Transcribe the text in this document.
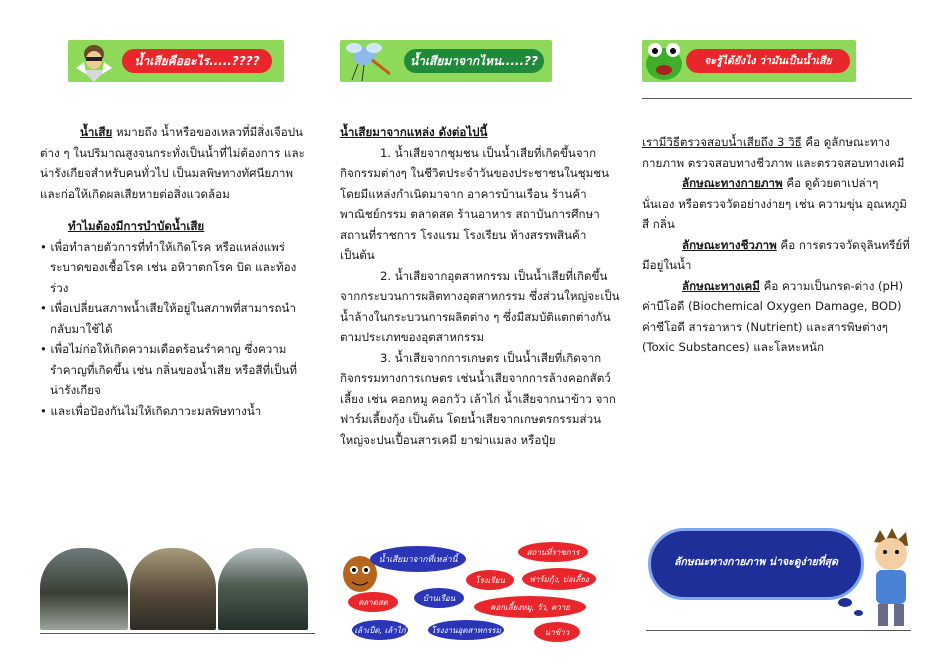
น้ำเสียคืออะไร.....????

น้ำเสีย หมายถึง น้ำหรือของเหลวที่มีสิ่งเจือปนต่าง ๆ ในปริมาณสูงจนกระทั่งเป็นน้ำที่ไม่ต้องการ และน่ารังเกียจสำหรับคนทั่วไป เป็นมลพิษทางทัศนียภาพและก่อให้เกิดผลเสียหายต่อสิ่งแวดล้อม

ทำไมต้องมีการบำบัดน้ำเสีย

• เพื่อทำลายตัวการที่ทำให้เกิดโรค หรือแหล่งแพร่ระบาดของเชื้อโรค เช่น อหิวาตกโรค บิด และท้องร่วง

• เพื่อเปลี่ยนสภาพน้ำเสียให้อยู่ในสภาพที่สามารถนำกลับมาใช้ได้

• เพื่อไม่ก่อให้เกิดความเดือดร้อนรำคาญ ซึ่งความรำคาญที่เกิดขึ้น เช่น กลิ่นของน้ำเสีย หรือสีที่เป็นที่น่ารังเกียจ

• และเพื่อป้องกันไม่ให้เกิดภาวะมลพิษทางน้ำ

น้ำเสียมาจากไหน.....??

น้ำเสียมาจากแหล่ง ดังต่อไปนี้

1. น้ำเสียจากชุมชน เป็นน้ำเสียที่เกิดขึ้นจากกิจกรรมต่างๆ ในชีวิตประจำวันของประชาชนในชุมชน โดยมีแหล่งกำเนิดมาจาก อาคารบ้านเรือน ร้านค้าพาณิชย์กรรม ตลาดสด ร้านอาหาร สถาบันการศึกษา สถานที่ราชการ โรงแรม โรงเรียน ห้างสรรพสินค้า เป็นต้น

2. น้ำเสียจากอุตสาหกรรม เป็นน้ำเสียที่เกิดขึ้นจากกระบวนการผลิตทางอุตสาหกรรม ซึ่งส่วนใหญ่จะเป็นน้ำล้างในกระบวนการผลิตต่าง ๆ ซึ่งมีสมบัติแตกต่างกันตามประเภทของอุตสาหกรรม

3. น้ำเสียจากการเกษตร เป็นน้ำเสียที่เกิดจากกิจกรรมทางการเกษตร เช่นน้ำเสียจากการล้างคอกสัตว์เลี้ยง เช่น คอกหมู คอกวัว เล้าไก่ น้ำเสียจากนาข้าว จากฟาร์มเลี้ยงกุ้ง เป็นต้น โดยน้ำเสียจากเกษตรกรรมส่วนใหญ่จะปนเปื้อนสารเคมี ยาฆ่าแมลง หรือปุ๋ย

น้ำเสียมาจากที่เหล่านี้
สถานที่ราชการ
โรงเรียน	ฟาร์มกุ้ง, บ่อเลี้ยง
บ้านเรือน
ตลาดสด
คอกเลี้ยงหมู, วัว, ควาย
เล้าเป็ด, เล้าไก่	โรงงานอุตสาหกรรม	นาข้าว
จะรู้ได้ยังไง ว่ามันเป็นน้ำเสีย

เรามีวิธีตรวจสอบน้ำเสียถึง 3 วิธี คือ ดูลักษณะทางกายภาพ ตรวจสอบทางชีวภาพ และตรวจสอบทางเคมี

ลักษณะทางกายภาพ คือ ดูด้วยตาเปล่าๆ นั่นเอง หรือตรวจวัดอย่างง่ายๆ เช่น ความขุ่น อุณหภูมิ สี กลิ่น

ลักษณะทางชีวภาพ คือ การตรวจวัดจุลินทรีย์ที่มีอยู่ในน้ำ

ลักษณะทางเคมี คือ ความเป็นกรด-ด่าง (pH) ค่าบีโอดี (Biochemical Oxygen Damage, BOD) ค่าซีโอดี สารอาหาร (Nutrient) และสารพิษต่างๆ (Toxic Substances) และโลหะหนัก

ลักษณะทางกายภาพ น่าจะดูง่ายที่สุด
